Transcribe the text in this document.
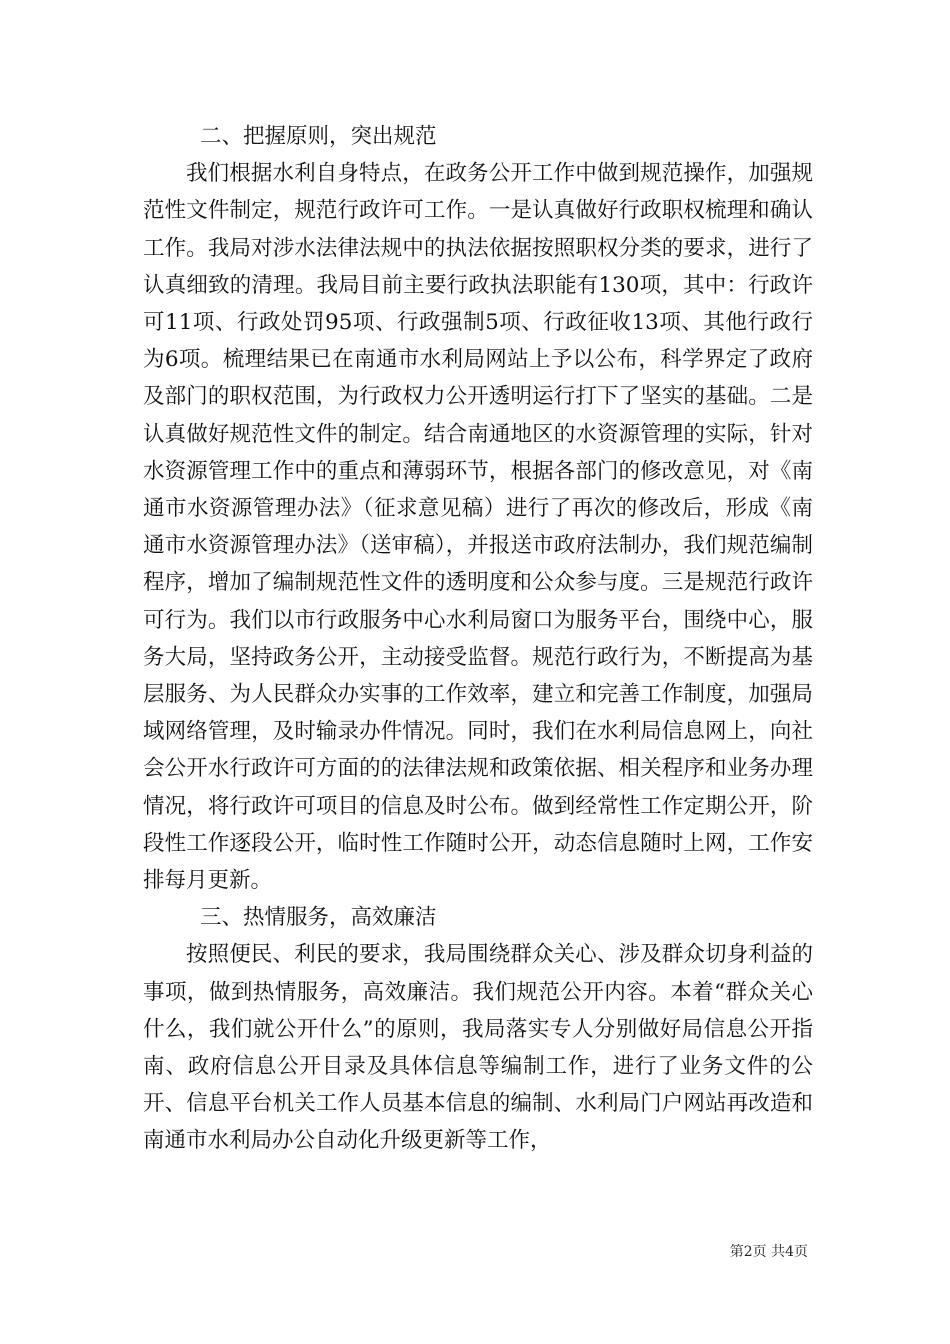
二、把握原则，突出规范

我们根据水利自身特点，在政务公开工作中做到规范操作，加强规范性文件制定，规范行政许可工作。一是认真做好行政职权梳理和确认工作。我局对涉水法律法规中的执法依据按照职权分类的要求，进行了认真细致的清理。我局目前主要行政执法职能有130项，其中：行政许可11项、行政处罚95项、行政强制5项、行政征收13项、其他行政行为6项。梳理结果已在南通市水利局网站上予以公布，科学界定了政府及部门的职权范围，为行政权力公开透明运行打下了坚实的基础。二是认真做好规范性文件的制定。结合南通地区的水资源管理的实际，针对水资源管理工作中的重点和薄弱环节，根据各部门的修改意见，对《南通市水资源管理办法》（征求意见稿）进行了再次的修改后，形成《南通市水资源管理办法》（送审稿），并报送市政府法制办，我们规范编制程序，增加了编制规范性文件的透明度和公众参与度。三是规范行政许可行为。我们以市行政服务中心水利局窗口为服务平台，围绕中心，服务大局，坚持政务公开，主动接受监督。规范行政行为，不断提高为基层服务、为人民群众办实事的工作效率，建立和完善工作制度，加强局域网络管理，及时输录办件情况。同时，我们在水利局信息网上，向社会公开水行政许可方面的的法律法规和政策依据、相关程序和业务办理情况，将行政许可项目的信息及时公布。做到经常性工作定期公开，阶段性工作逐段公开，临时性工作随时公开，动态信息随时上网，工作安排每月更新。

三、热情服务，高效廉洁

按照便民、利民的要求，我局围绕群众关心、涉及群众切身利益的事项，做到热情服务，高效廉洁。我们规范公开内容。本着“群众关心什么，我们就公开什么”的原则，我局落实专人分别做好局信息公开指南、政府信息公开目录及具体信息等编制工作，进行了业务文件的公开、信息平台机关工作人员基本信息的编制、水利局门户网站再改造和南通市水利局办公自动化升级更新等工作，

第2页 共4页
